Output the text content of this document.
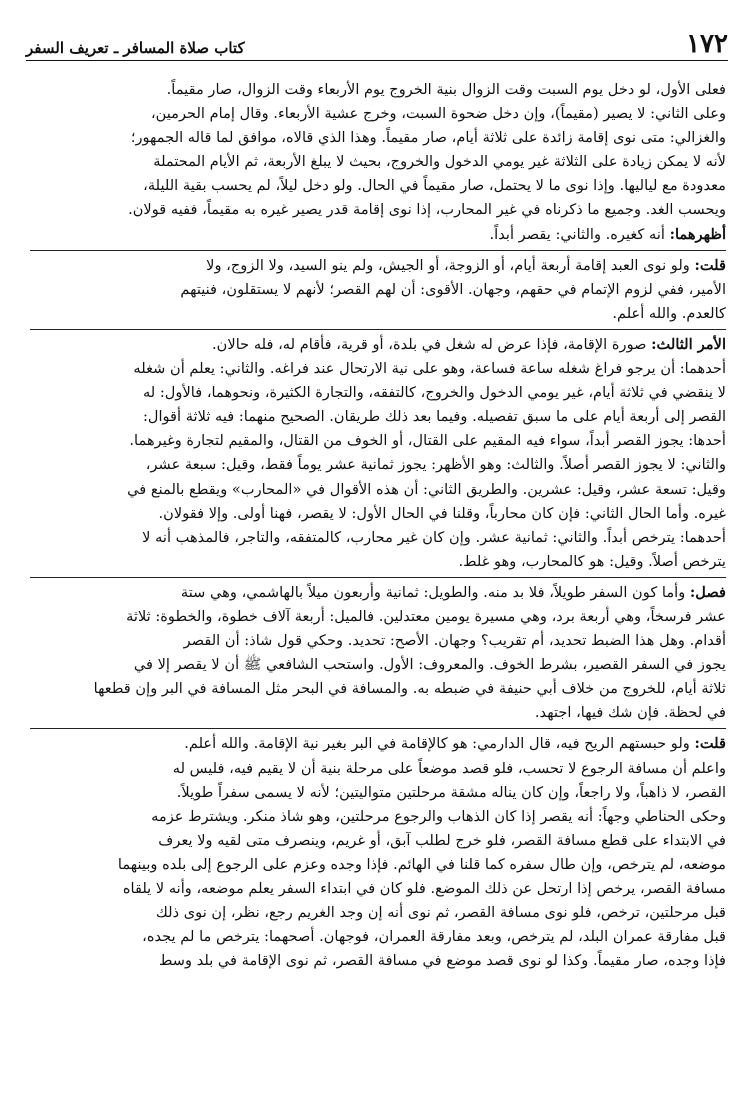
١٧٢
كتاب صلاة المسافر ـ تعريف السفر
فعلى الأول، لو دخل يوم السبت وقت الزوال بنية الخروج يوم الأربعاء وقت الزوال، صار مقيماً.
وعلى الثاني: لا يصير (مقيماً)، وإن دخل ضحوة السبت، وخرج عشية الأربعاء. وقال إمام الحرمين،
والغزالي: متى نوى إقامة زائدة على ثلاثة أيام، صار مقيماً. وهذا الذي قالاه، موافق لما قاله الجمهور؛
لأنه لا يمكن زيادة على الثلاثة غير يومي الدخول والخروج، بحيث لا يبلغ الأربعة، ثم الأيام المحتملة
معدودة مع لياليها. وإذا نوى ما لا يحتمل، صار مقيماً في الحال. ولو دخل ليلاً، لم يحسب بقية الليلة،
ويحسب الغد. وجميع ما ذكرناه في غير المحارب، إذا نوى إقامة قدر يصير غيره به مقيماً، ففيه قولان.
أظهرهما: أنه كغيره. والثاني: يقصر أبداً.
قلت: ولو نوى العبد إقامة أربعة أيام، أو الزوجة، أو الجيش، ولم ينو السيد، ولا الزوج، ولا
الأمير، ففي لزوم الإتمام في حقهم، وجهان. الأقوى: أن لهم القصر؛ لأنهم لا يستقلون، فنيتهم
كالعدم. والله أعلم.
الأمر الثالث: صورة الإقامة، فإذا عرض له شغل في بلدة، أو قرية، فأقام له، فله حالان.
أحدهما: أن يرجو فراغ شغله ساعة فساعة، وهو على نية الارتحال عند فراغه. والثاني: يعلم أن شغله
لا ينقضي في ثلاثة أيام، غير يومي الدخول والخروج، كالتفقه، والتجارة الكثيرة، ونحوهما، فالأول: له
القصر إلى أربعة أيام على ما سبق تفصيله. وفيما بعد ذلك طريقان. الصحيح منهما: فيه ثلاثة أقوال:
أحدها: يجوز القصر أبداً، سواء فيه المقيم على القتال، أو الخوف من القتال، والمقيم لتجارة وغيرهما.
والثاني: لا يجوز القصر أصلاً. والثالث: وهو الأظهر: يجوز ثمانية عشر يوماً فقط، وقيل: سبعة عشر،
وقيل: تسعة عشر، وقيل: عشرين. والطريق الثاني: أن هذه الأقوال في «المحارب» ويقطع بالمنع في
غيره. وأما الحال الثاني: فإن كان محارباً، وقلنا في الحال الأول: لا يقصر، فهنا أولى. وإلا فقولان.
أحدهما: يترخص أبداً. والثاني: ثمانية عشر. وإن كان غير محارب، كالمتفقه، والتاجر، فالمذهب أنه لا
يترخص أصلاً. وقيل: هو كالمحارب، وهو غلط.
فصل: وأما كون السفر طويلاً، فلا بد منه. والطويل: ثمانية وأربعون ميلاً بالهاشمي، وهي ستة
عشر فرسخاً، وهي أربعة برد، وهي مسيرة يومين معتدلين. فالميل: أربعة آلاف خطوة، والخطوة: ثلاثة
أقدام. وهل هذا الضبط تحديد، أم تقريب؟ وجهان. الأصح: تحديد. وحكي قول شاذ: أن القصر
يجوز في السفر القصير، بشرط الخوف. والمعروف: الأول. واستحب الشافعي ﷺ أن لا يقصر إلا في
ثلاثة أيام، للخروج من خلاف أبي حنيفة في ضبطه به. والمسافة في البحر مثل المسافة في البر وإن قطعها
في لحظة. فإن شك فيها، اجتهد.
قلت: ولو حبستهم الريح فيه، قال الدارمي: هو كالإقامة في البر بغير نية الإقامة. والله أعلم.
واعلم أن مسافة الرجوع لا تحسب، فلو قصد موضعاً على مرحلة بنية أن لا يقيم فيه، فليس له
القصر، لا ذاهباً، ولا راجعاً، وإن كان يناله مشقة مرحلتين متواليتين؛ لأنه لا يسمى سفراً طويلاً.
وحكى الحناطي وجهاً: أنه يقصر إذا كان الذهاب والرجوع مرحلتين، وهو شاذ منكر. ويشترط عزمه
في الابتداء على قطع مسافة القصر، فلو خرج لطلب آبق، أو غريم، وينصرف متى لقيه ولا يعرف
موضعه، لم يترخص، وإن طال سفره كما قلنا في الهائم. فإذا وجده وعزم على الرجوع إلى بلده وبينهما
مسافة القصر، يرخص إذا ارتحل عن ذلك الموضع. فلو كان في ابتداء السفر يعلم موضعه، وأنه لا يلقاه
قبل مرحلتين، ترخص، فلو نوى مسافة القصر، ثم نوى أنه إن وجد الغريم رجع، نظر، إن نوى ذلك
قبل مفارقة عمران البلد، لم يترخص، وبعد مفارقة العمران، فوجهان. أصحهما: يترخص ما لم يجده،
فإذا وجده، صار مقيماً. وكذا لو نوى قصد موضع في مسافة القصر، ثم نوى الإقامة في بلد وسط
